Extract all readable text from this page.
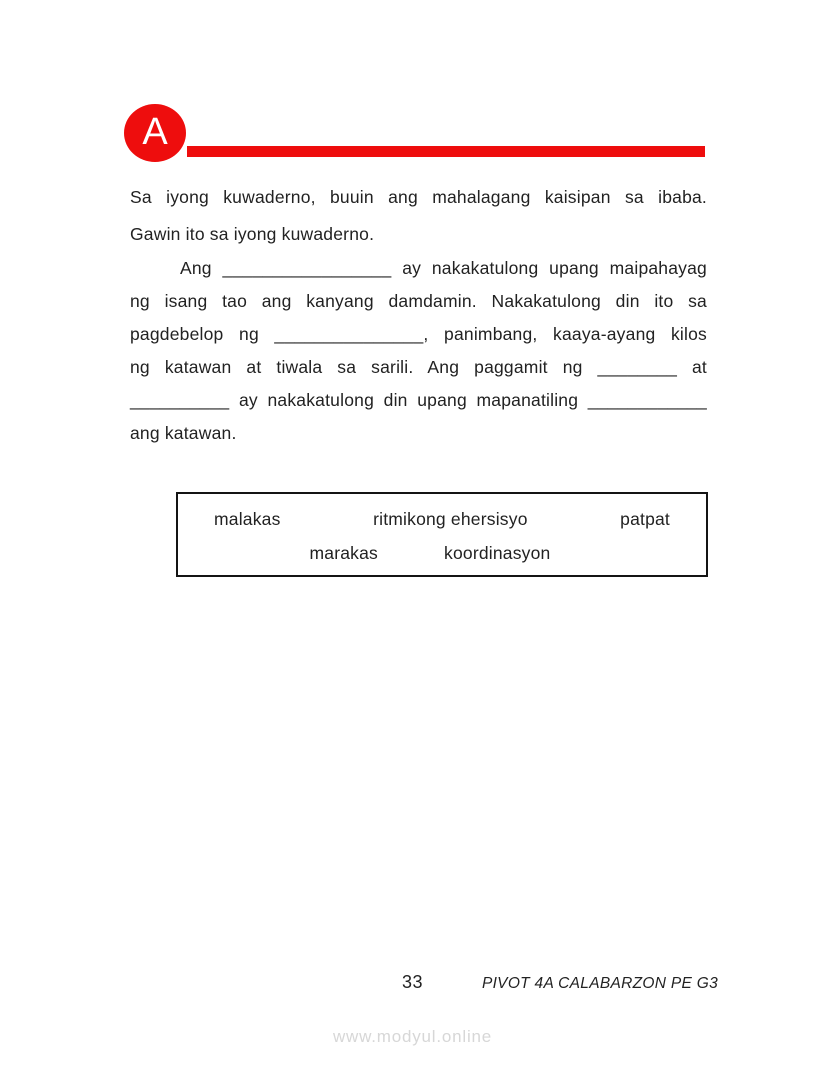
A
Sa iyong kuwaderno, buuin ang mahalagang kaisipan sa ibaba.
Gawin ito sa iyong kuwaderno.
Ang _________________ ay nakakatulong upang maipahayag
ng isang tao ang kanyang damdamin. Nakakatulong din ito sa
pagdebelop ng _______________, panimbang, kaaya-ayang kilos
ng katawan at tiwala sa sarili. Ang paggamit ng ________ at
__________ ay nakakatulong din upang mapanatiling ____________
ang katawan.
malakas	ritmikong ehersisyo	patpat
marakas	koordinasyon
33	PIVOT 4A CALABARZON PE G3
www.modyul.online
